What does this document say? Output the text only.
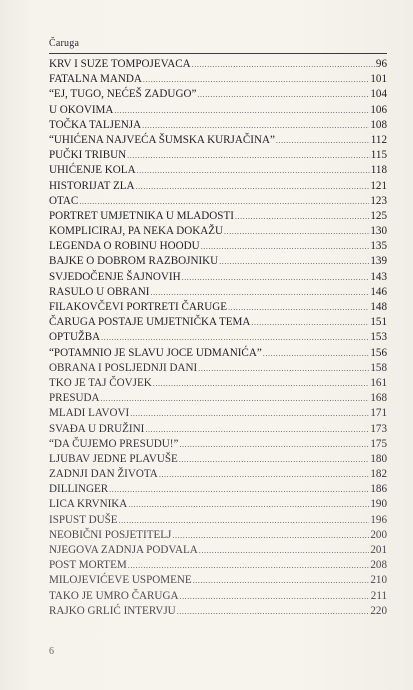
Čaruga
KRV I SUZE TOMPOJEVACA .....	96
FATALNA MANDA .....	101
“EJ, TUGO, NEĆEŠ ZADUGO” .....	104
U OKOVIMA .....	106
TOČKA TALJENJA .....	108
“UHIĆENA NAJVEĆA ŠUMSKA KURJAČINA” .....	112
PUČKI TRIBUN .....	115
UHIĆENJE KOLA .....	118
HISTORIJAT ZLA .....	121
OTAC .....	123
PORTRET UMJETNIKA U MLADOSTI .....	125
KOMPLICIRAJ, PA NEKA DOKAŽU .....	130
LEGENDA O ROBINU HOODU .....	135
BAJKE O DOBROM RAZBOJNIKU .....	139
SVJEDOČENJE ŠAJNOVIH .....	143
RASULO U OBRANI .....	146
FILAKOVČEVI PORTRETI ČARUGE .....	148
ČARUGA POSTAJE UMJETNIČKA TEMA .....	151
OPTUŽBA .....	153
“POTAMNIO JE SLAVU JOCE UDMANIĆA” .....	156
OBRANA I POSLJEDNJI DANI .....	158
TKO JE TAJ ČOVJEK .....	161
PRESUDA .....	168
MLADI LAVOVI .....	171
SVAĐA U DRUŽINI .....	173
“DA ČUJEMO PRESUDU!” .....	175
LJUBAV JEDNE PLAVUŠE .....	180
ZADNJI DAN ŽIVOTA .....	182
DILLINGER .....	186
LICA KRVNIKA .....	190
ISPUST DUŠE .....	196
NEOBIČNI POSJETITELJ .....	200
NJEGOVA ZADNJA PODVALA .....	201
POST MORTEM .....	208
MILOJEVIĆEVE USPOMENE .....	210
TAKO JE UMRO ČARUGA .....	211
RAJKO GRLIĆ INTERVJU .....	220
6
